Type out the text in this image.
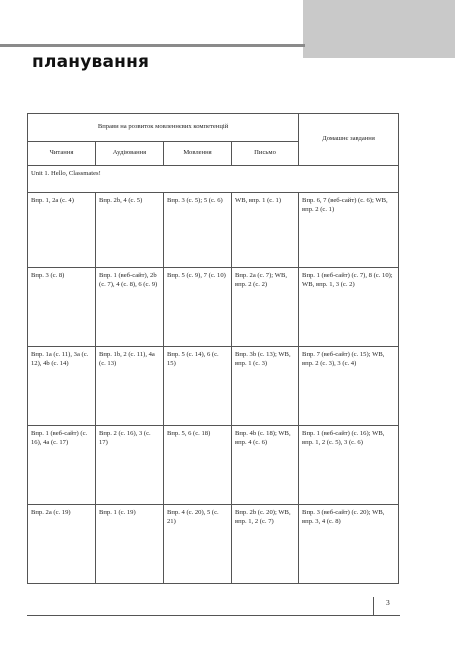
планування
Вправи на розвиток мовленнєвих компетенцій				Домашнє завдання
Читання	Аудіювання	Мовлення	Письмо	
Unit 1. Hello, Classmates!				
Впр. 1, 2а (с. 4)	Впр. 2b, 4 (с. 5)	Впр. 3 (с. 5); 5 (с. 6)	WB, впр. 1 (с. 1)	Впр. 6, 7 (веб-сайт) (с. 6); WB, впр. 2 (с. 1)
Впр. 3 (с. 8)	Впр. 1 (веб-сайт), 2b (с. 7), 4 (с. 8), 6 (с. 9)	Впр. 5 (с. 9), 7 (с. 10)	Впр. 2а (с. 7); WB, впр. 2 (с. 2)	Впр. 1 (веб-сайт) (с. 7), 8 (с. 10); WB, впр. 1, 3 (с. 2)
Впр. 1а (с. 11), 3а (с. 12), 4b (с. 14)	Впр. 1b, 2 (с. 11), 4а (с. 13)	Впр. 5 (с. 14), 6 (с. 15)	Впр. 3b (с. 13); WB, впр. 1 (с. 3)	Впр. 7 (веб-сайт) (с. 15); WB, впр. 2 (с. 3), 3 (с. 4)
Впр. 1 (веб-сайт) (с. 16), 4а (с. 17)	Впр. 2 (с. 16), 3 (с. 17)	Впр. 5, 6 (с. 18)	Впр. 4b (с. 18); WB, впр. 4 (с. 6)	Впр. 1 (веб-сайт) (с. 16); WB, впр. 1, 2 (с. 5), 3 (с. 6)
Впр. 2а (с. 19)	Впр. 1 (с. 19)	Впр. 4 (с. 20), 5 (с. 21)	Впр. 2b (с. 20); WB, впр. 1, 2 (с. 7)	Впр. 3 (веб-сайт) (с. 20); WB, впр. 3, 4 (с. 8)
3
